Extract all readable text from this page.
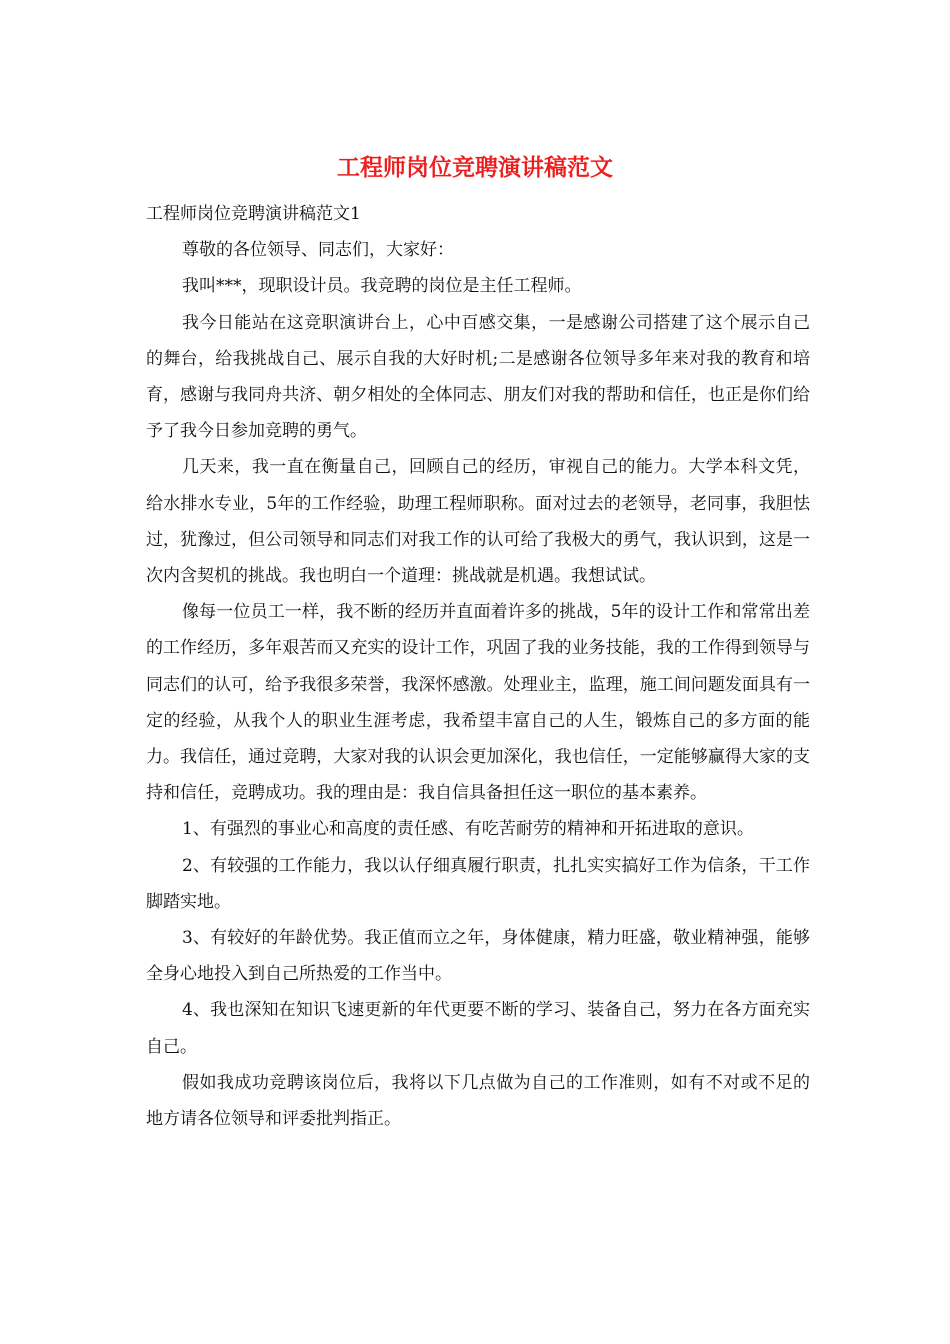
工程师岗位竞聘演讲稿范文

工程师岗位竞聘演讲稿范文1

尊敬的各位领导、同志们，大家好：

我叫***，现职设计员。我竞聘的岗位是主任工程师。

我今日能站在这竞职演讲台上，心中百感交集，一是感谢公司搭建了这个展示自己的舞台，给我挑战自己、展示自我的大好时机;二是感谢各位领导多年来对我的教育和培育，感谢与我同舟共济、朝夕相处的全体同志、朋友们对我的帮助和信任，也正是你们给予了我今日参加竞聘的勇气。

几天来，我一直在衡量自己，回顾自己的经历，审视自己的能力。大学本科文凭，给水排水专业，5年的工作经验，助理工程师职称。面对过去的老领导，老同事，我胆怯过，犹豫过，但公司领导和同志们对我工作的认可给了我极大的勇气，我认识到，这是一次内含契机的挑战。我也明白一个道理：挑战就是机遇。我想试试。

像每一位员工一样，我不断的经历并直面着许多的挑战，5年的设计工作和常常出差的工作经历，多年艰苦而又充实的设计工作，巩固了我的业务技能，我的工作得到领导与同志们的认可，给予我很多荣誉，我深怀感激。处理业主，监理，施工间问题发面具有一定的经验，从我个人的职业生涯考虑，我希望丰富自己的人生，锻炼自己的多方面的能力。我信任，通过竞聘，大家对我的认识会更加深化，我也信任，一定能够赢得大家的支持和信任，竞聘成功。我的理由是：我自信具备担任这一职位的基本素养。

1、有强烈的事业心和高度的责任感、有吃苦耐劳的精神和开拓进取的意识。

2、有较强的工作能力，我以认仔细真履行职责，扎扎实实搞好工作为信条，干工作脚踏实地。

3、有较好的年龄优势。我正值而立之年，身体健康，精力旺盛，敬业精神强，能够全身心地投入到自己所热爱的工作当中。

4、我也深知在知识飞速更新的年代更要不断的学习、装备自己，努力在各方面充实自己。

假如我成功竞聘该岗位后，我将以下几点做为自己的工作准则，如有不对或不足的地方请各位领导和评委批判指正。
